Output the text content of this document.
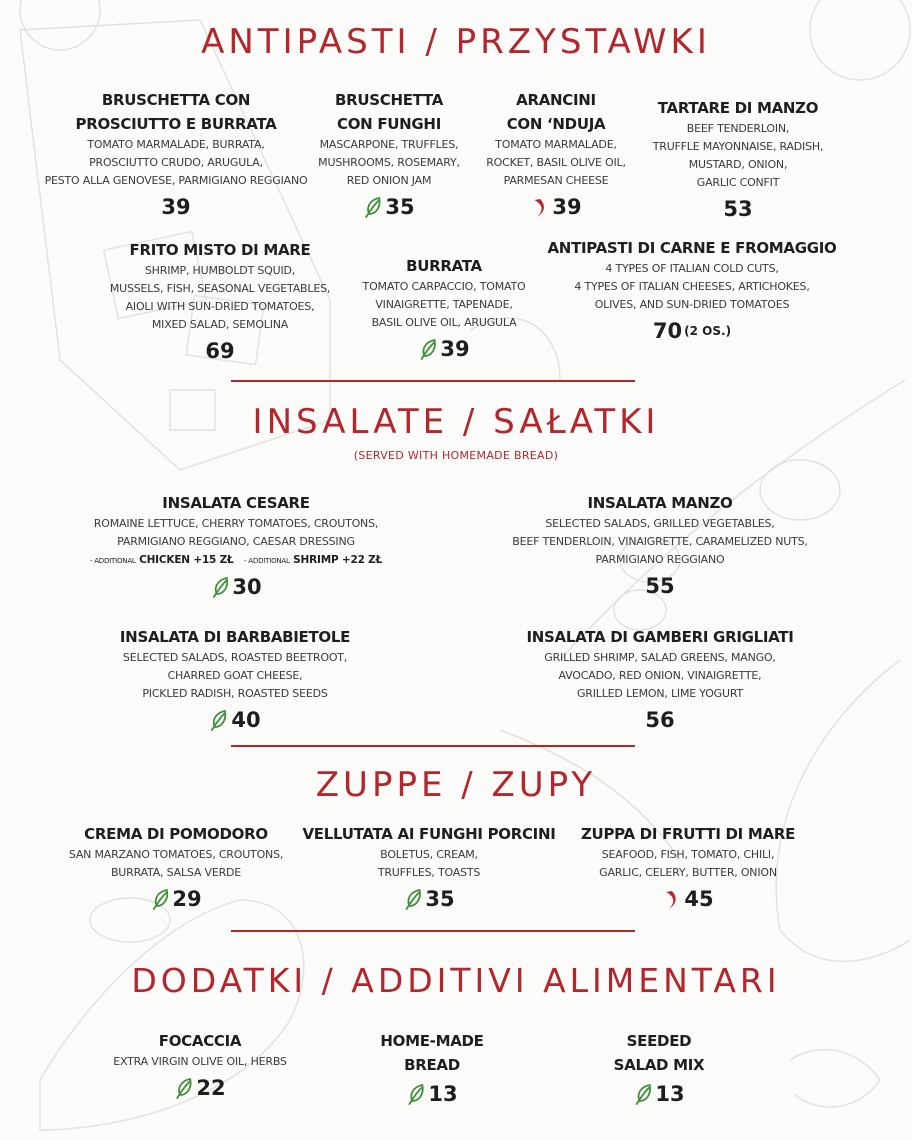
ANTIPASTI / PRZYSTAWKI
BRUSCHETTA CON
PROSCIUTTO E BURRATA
TOMATO MARMALADE, BURRATA,
PROSCIUTTO CRUDO, ARUGULA,
PESTO ALLA GENOVESE, PARMIGIANO REGGIANO
39
BRUSCHETTA
CON FUNGHI
MASCARPONE, TRUFFLES,
MUSHROOMS, ROSEMARY,
RED ONION JAM
35
ARANCINI
CON ‘NDUJA
TOMATO MARMALADE,
ROCKET, BASIL OLIVE OIL,
PARMESAN CHEESE
39
TARTARE DI MANZO
BEEF TENDERLOIN,
TRUFFLE MAYONNAISE, RADISH,
MUSTARD, ONION,
GARLIC CONFIT
53
FRITO MISTO DI MARE
SHRIMP, HUMBOLDT SQUID,
MUSSELS, FISH, SEASONAL VEGETABLES,
AIOLI WITH SUN-DRIED TOMATOES,
MIXED SALAD, SEMOLINA
69
BURRATA
TOMATO CARPACCIO, TOMATO
VINAIGRETTE, TAPENADE,
BASIL OLIVE OIL, ARUGULA
39
ANTIPASTI DI CARNE E FROMAGGIO
4 TYPES OF ITALIAN COLD CUTS,
4 TYPES OF ITALIAN CHEESES, ARTICHOKES,
OLIVES, AND SUN-DRIED TOMATOES
70 (2 OS.)
INSALATE / SAŁATKI
(SERVED WITH HOMEMADE BREAD)
INSALATA CESARE
ROMAINE LETTUCE, CHERRY TOMATOES, CROUTONS,
PARMIGIANO REGGIANO, CAESAR DRESSING
- ADDITIONAL CHICKEN +15 ZŁ - ADDITIONAL SHRIMP +22 ZŁ
30
INSALATA MANZO
SELECTED SALADS, GRILLED VEGETABLES,
BEEF TENDERLOIN, VINAIGRETTE, CARAMELIZED NUTS,
PARMIGIANO REGGIANO
55
INSALATA DI BARBABIETOLE
SELECTED SALADS, ROASTED BEETROOT,
CHARRED GOAT CHEESE,
PICKLED RADISH, ROASTED SEEDS
40
INSALATA DI GAMBERI GRIGLIATI
GRILLED SHRIMP, SALAD GREENS, MANGO,
AVOCADO, RED ONION, VINAIGRETTE,
GRILLED LEMON, LIME YOGURT
56
ZUPPE / ZUPY
CREMA DI POMODORO
SAN MARZANO TOMATOES, CROUTONS,
BURRATA, SALSA VERDE
29
VELLUTATA AI FUNGHI PORCINI
BOLETUS, CREAM,
TRUFFLES, TOASTS
35
ZUPPA DI FRUTTI DI MARE
SEAFOOD, FISH, TOMATO, CHILI,
GARLIC, CELERY, BUTTER, ONION
45
DODATKI / ADDITIVI ALIMENTARI
FOCACCIA
EXTRA VIRGIN OLIVE OIL, HERBS
22
HOME-MADE
BREAD
13
SEEDED
SALAD MIX
13
